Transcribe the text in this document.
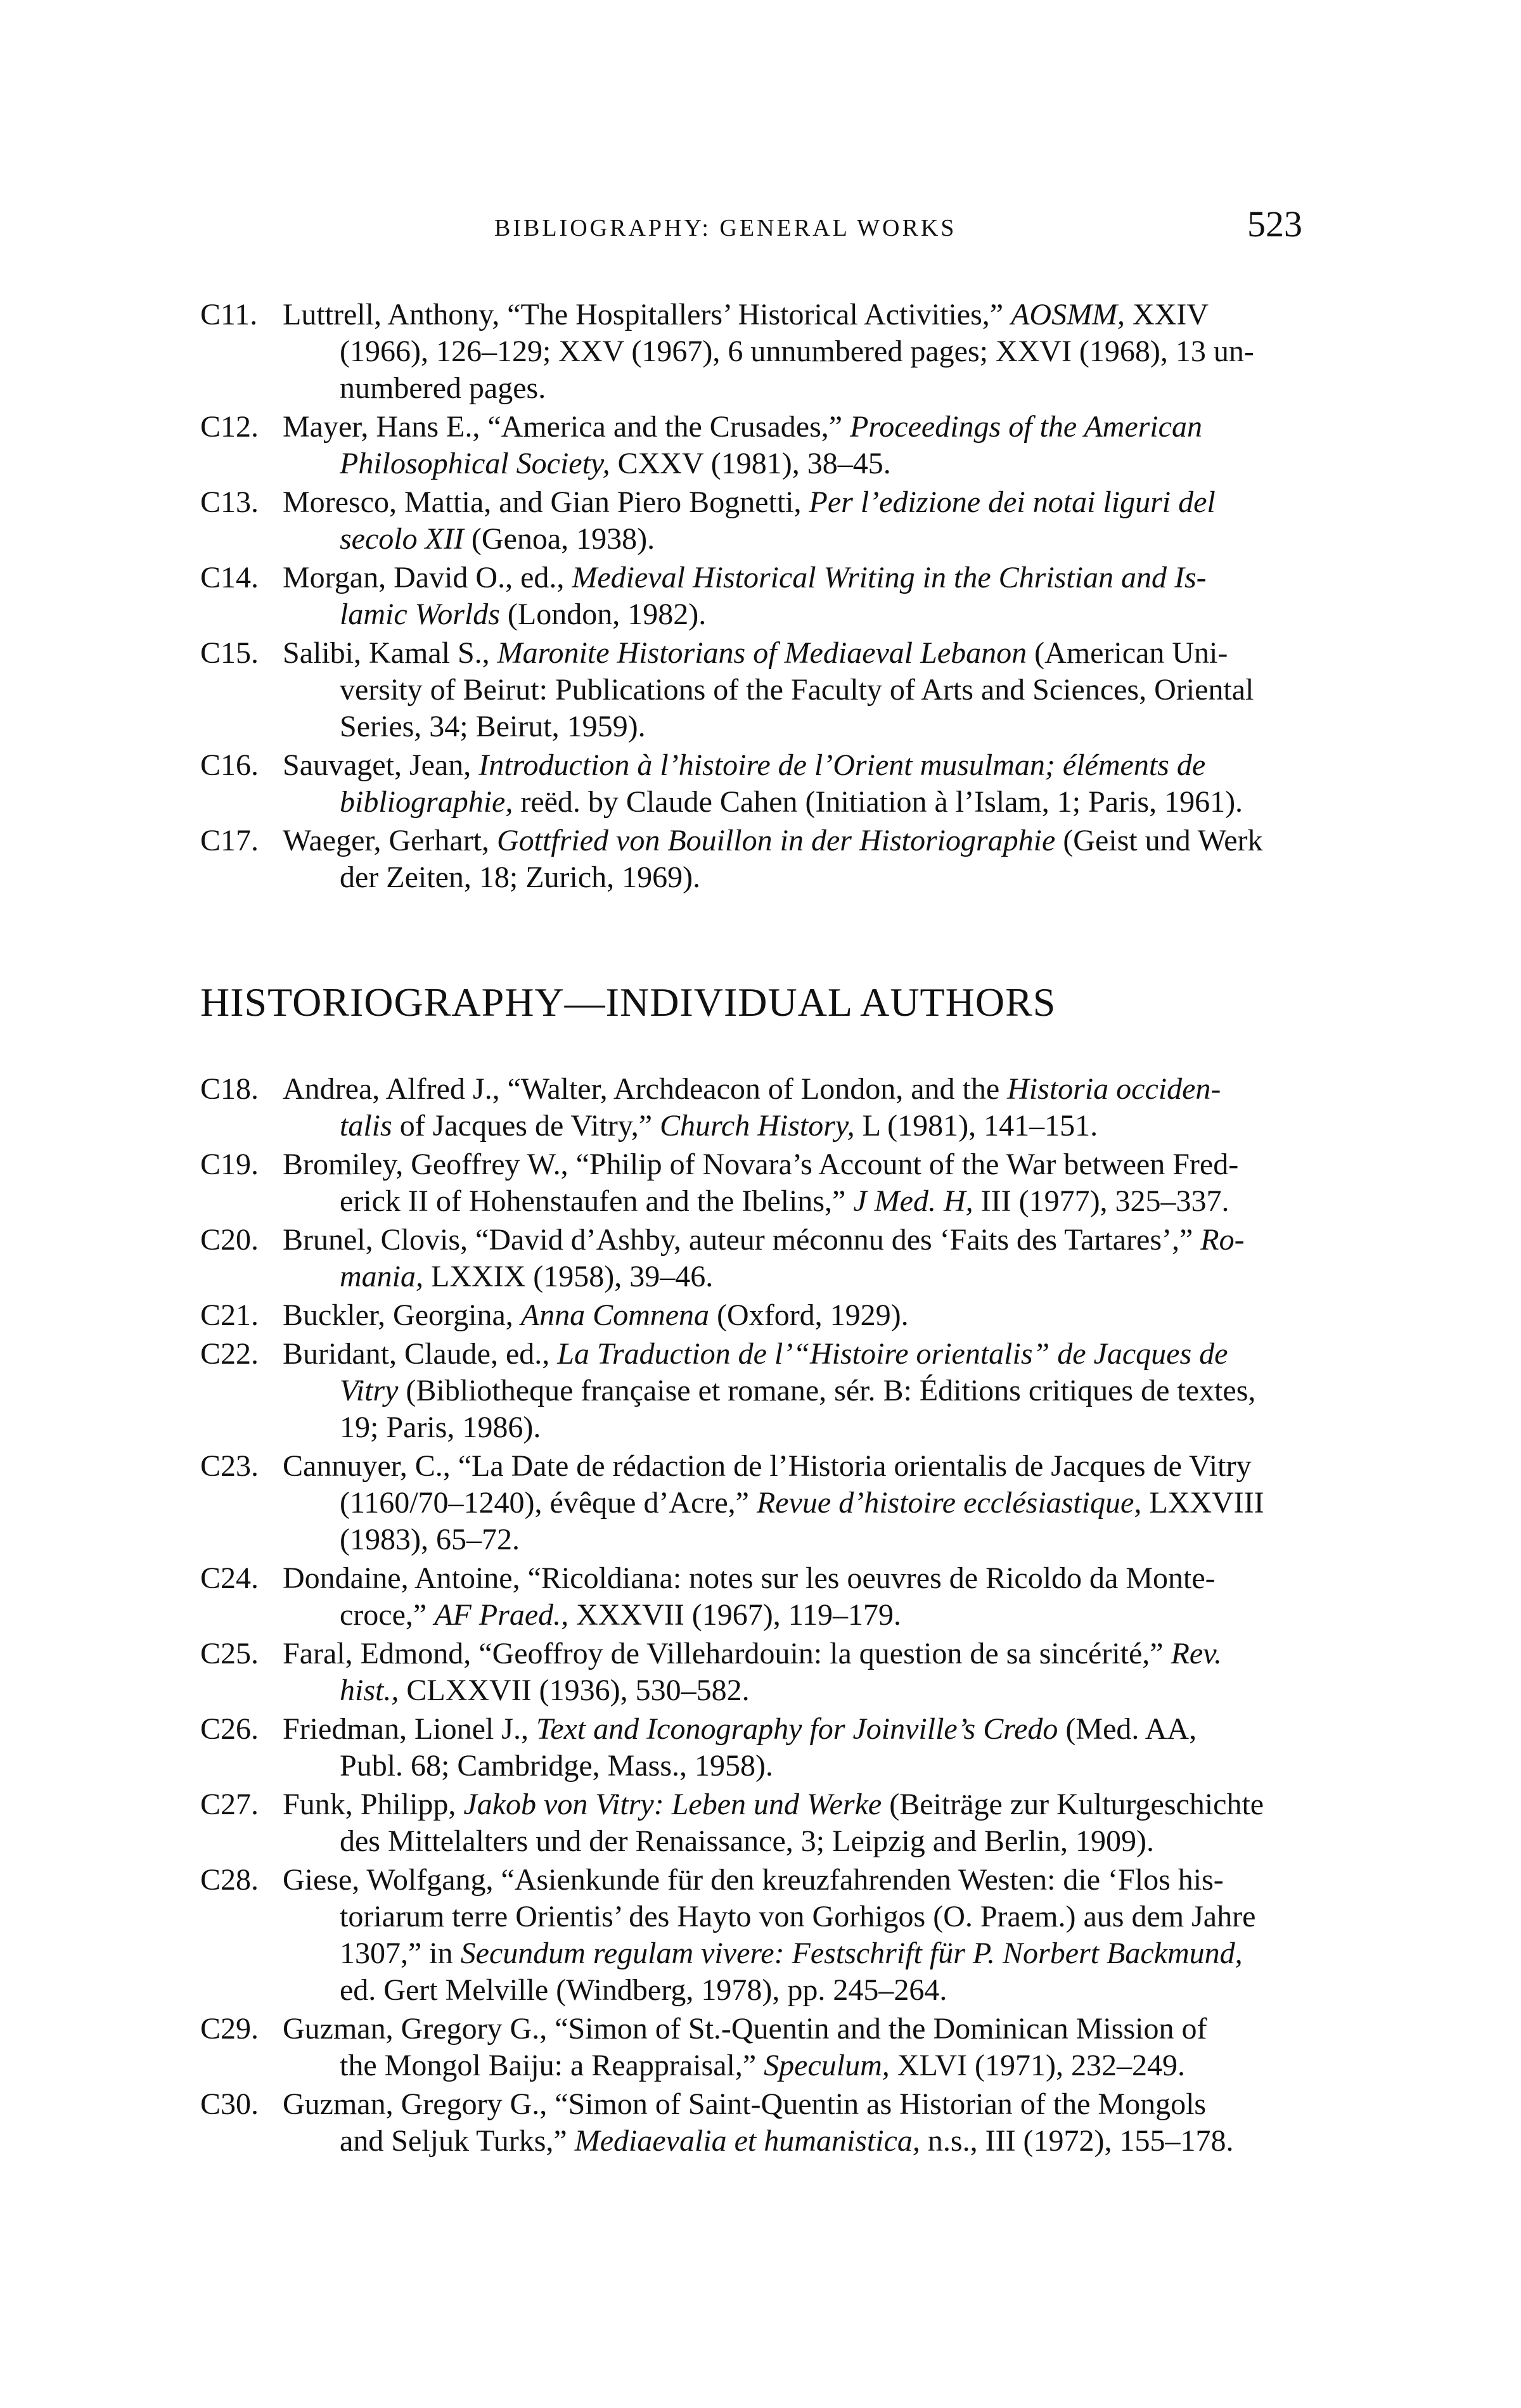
BIBLIOGRAPHY: GENERAL WORKS	523
C11. Luttrell, Anthony, “The Hospitallers’ Historical Activities,” AOSMM, XXIV
(1966), 126–129; XXV (1967), 6 unnumbered pages; XXVI (1968), 13 un-
numbered pages.
C12. Mayer, Hans E., “America and the Crusades,” Proceedings of the American
Philosophical Society, CXXV (1981), 38–45.
C13. Moresco, Mattia, and Gian Piero Bognetti, Per l’edizione dei notai liguri del
secolo XII (Genoa, 1938).
C14. Morgan, David O., ed., Medieval Historical Writing in the Christian and Is-
lamic Worlds (London, 1982).
C15. Salibi, Kamal S., Maronite Historians of Mediaeval Lebanon (American Uni-
versity of Beirut: Publications of the Faculty of Arts and Sciences, Oriental
Series, 34; Beirut, 1959).
C16. Sauvaget, Jean, Introduction à l’histoire de l’Orient musulman; éléments de
bibliographie, reëd. by Claude Cahen (Initiation à l’Islam, 1; Paris, 1961).
C17. Waeger, Gerhart, Gottfried von Bouillon in der Historiographie (Geist und Werk
der Zeiten, 18; Zurich, 1969).
HISTORIOGRAPHY—INDIVIDUAL AUTHORS
C18. Andrea, Alfred J., “Walter, Archdeacon of London, and the Historia occiden-
talis of Jacques de Vitry,” Church History, L (1981), 141–151.
C19. Bromiley, Geoffrey W., “Philip of Novara’s Account of the War between Fred-
erick II of Hohenstaufen and the Ibelins,” J Med. H, III (1977), 325–337.
C20. Brunel, Clovis, “David d’Ashby, auteur méconnu des ‘Faits des Tartares’,” Ro-
mania, LXXIX (1958), 39–46.
C21. Buckler, Georgina, Anna Comnena (Oxford, 1929).
C22. Buridant, Claude, ed., La Traduction de l’“Histoire orientalis” de Jacques de
Vitry (Bibliotheque française et romane, sér. B: Éditions critiques de textes,
19; Paris, 1986).
C23. Cannuyer, C., “La Date de rédaction de l’Historia orientalis de Jacques de Vitry
(1160/70–1240), évêque d’Acre,” Revue d’histoire ecclésiastique, LXXVIII
(1983), 65–72.
C24. Dondaine, Antoine, “Ricoldiana: notes sur les oeuvres de Ricoldo da Monte-
croce,” AF Praed., XXXVII (1967), 119–179.
C25. Faral, Edmond, “Geoffroy de Villehardouin: la question de sa sincérité,” Rev.
hist., CLXXVII (1936), 530–582.
C26. Friedman, Lionel J., Text and Iconography for Joinville’s Credo (Med. AA,
Publ. 68; Cambridge, Mass., 1958).
C27. Funk, Philipp, Jakob von Vitry: Leben und Werke (Beiträge zur Kulturgeschichte
des Mittelalters und der Renaissance, 3; Leipzig and Berlin, 1909).
C28. Giese, Wolfgang, “Asienkunde für den kreuzfahrenden Westen: die ‘Flos his-
toriarum terre Orientis’ des Hayto von Gorhigos (O. Praem.) aus dem Jahre
1307,” in Secundum regulam vivere: Festschrift für P. Norbert Backmund,
ed. Gert Melville (Windberg, 1978), pp. 245–264.
C29. Guzman, Gregory G., “Simon of St.-Quentin and the Dominican Mission of
the Mongol Baiju: a Reappraisal,” Speculum, XLVI (1971), 232–249.
C30. Guzman, Gregory G., “Simon of Saint-Quentin as Historian of the Mongols
and Seljuk Turks,” Mediaevalia et humanistica, n.s., III (1972), 155–178.
